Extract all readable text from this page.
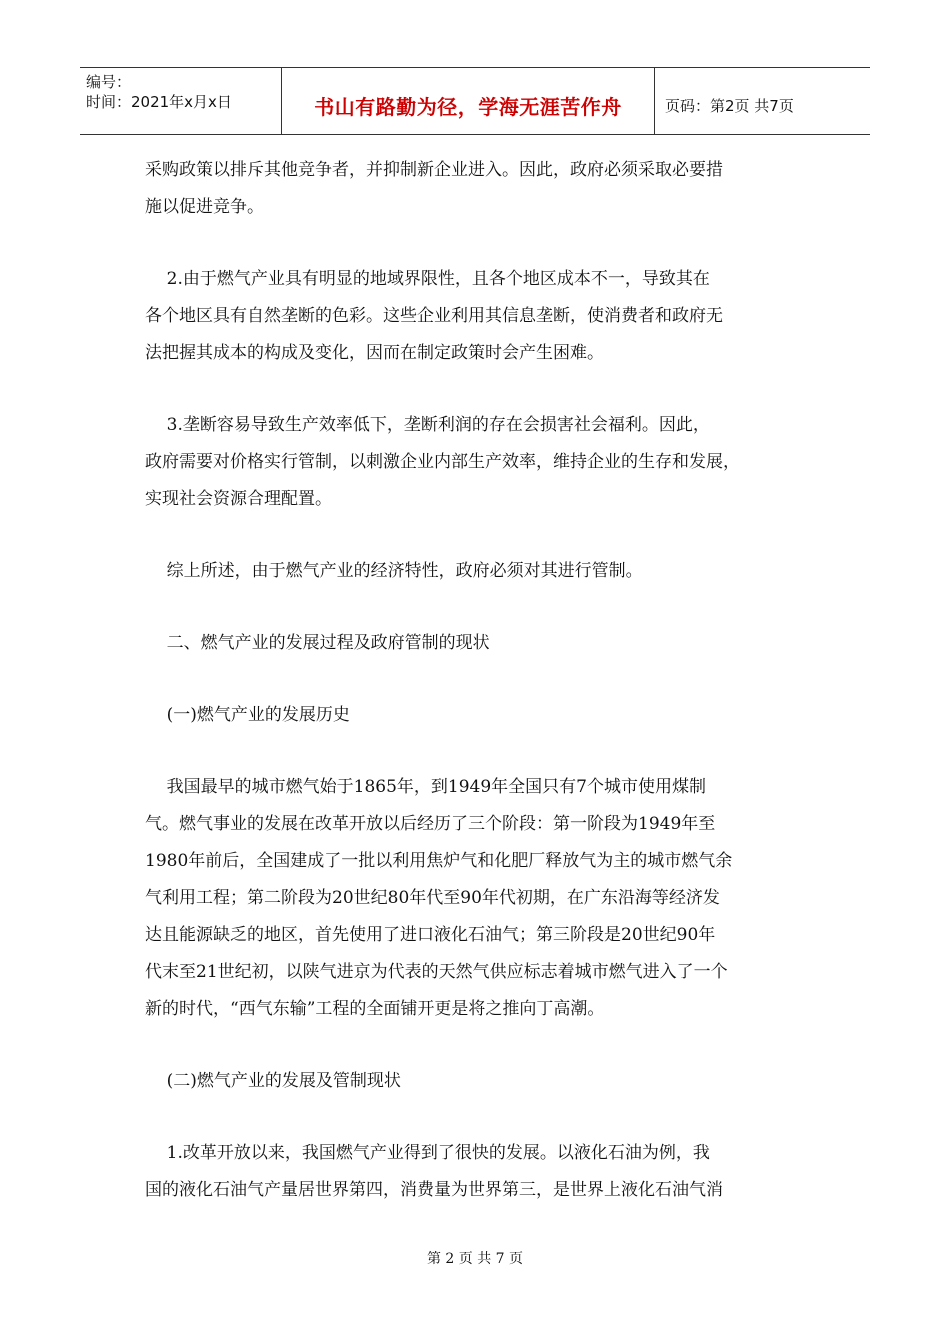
编号：
时间：2021年x月x日	书山有路勤为径，学海无涯苦作舟	页码：第2页 共7页

采购政策以排斥其他竞争者，并抑制新企业进入。因此，政府必须采取必要措
施以促进竞争。

2.由于燃气产业具有明显的地域界限性，且各个地区成本不一，导致其在
各个地区具有自然垄断的色彩。这些企业利用其信息垄断，使消费者和政府无
法把握其成本的构成及变化，因而在制定政策时会产生困难。

3.垄断容易导致生产效率低下，垄断利润的存在会损害社会福利。因此，
政府需要对价格实行管制，以刺激企业内部生产效率，维持企业的生存和发展，
实现社会资源合理配置。

综上所述，由于燃气产业的经济特性，政府必须对其进行管制。

二、燃气产业的发展过程及政府管制的现状

(一)燃气产业的发展历史

我国最早的城市燃气始于1865年，到1949年全国只有7个城市使用煤制
气。燃气事业的发展在改革开放以后经历了三个阶段：第一阶段为1949年至
1980年前后，全国建成了一批以利用焦炉气和化肥厂释放气为主的城市燃气余
气利用工程；第二阶段为20世纪80年代至90年代初期，在广东沿海等经济发
达且能源缺乏的地区，首先使用了进口液化石油气；第三阶段是20世纪90年
代末至21世纪初，以陕气进京为代表的天然气供应标志着城市燃气进入了一个
新的时代，“西气东输”工程的全面铺开更是将之推向丁高潮。

(二)燃气产业的发展及管制现状

1.改革开放以来，我国燃气产业得到了很快的发展。以液化石油为例，我
国的液化石油气产量居世界第四，消费量为世界第三，是世界上液化石油气消

第 2 页 共 7 页
